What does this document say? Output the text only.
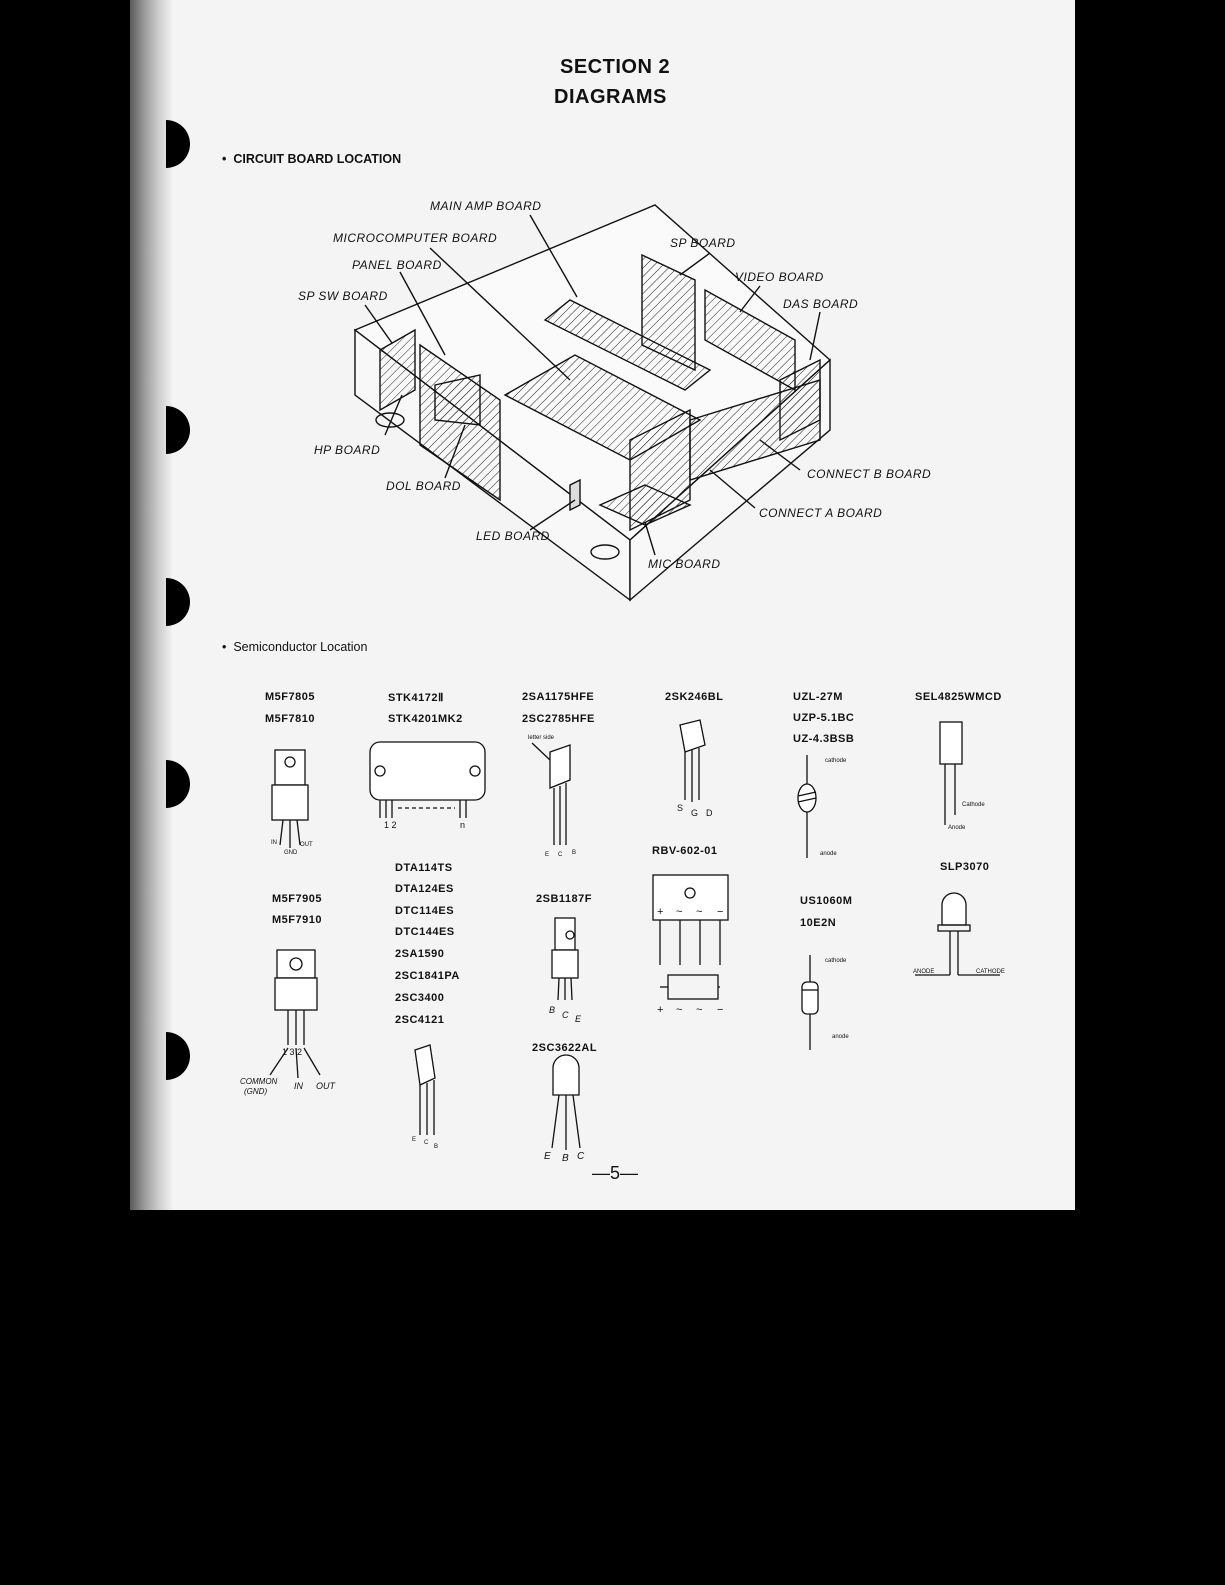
SECTION 2
DIAGRAMS
•  CIRCUIT BOARD LOCATION
MAIN AMP BOARD
MICROCOMPUTER BOARD
PANEL BOARD
SP SW BOARD
SP BOARD
VIDEO BOARD
DAS BOARD
HP BOARD
DOL BOARD
LED BOARD
CONNECT B BOARD
CONNECT A BOARD
MIC BOARD
•  Semiconductor Location
M5F7805
M5F7810
IN
GND
OUT
STK4172Ⅱ
STK4201MK2
1 2	n
2SA1175HFE
2SC2785HFE
letter side
E C B
2SK246BL
S G D
UZL-27M
UZP-5.1BC
UZ-4.3BSB
cathode
anode
SEL4825WMCD
Cathode
Anode
M5F7905
M5F7910
1 3 2
COMMON
(GND)
IN OUT
DTA114TS
DTA124ES
DTC114ES
DTC144ES
2SA1590
2SC1841PA
2SC3400
2SC4121
E C
B
2SB1187F
B C E
RBV-602-01
+ ~ ~ −
+ ~ ~ −
US1060M
10E2N
cathode
anode
SLP3070
ANODE	CATHODE
2SC3622AL
E B C
—5—
